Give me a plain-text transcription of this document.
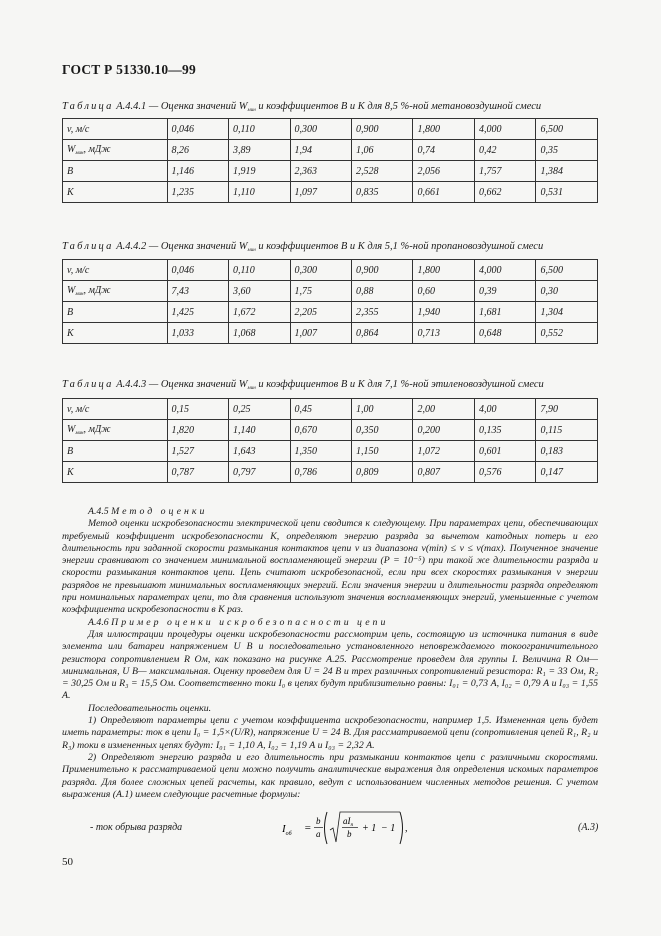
ГОСТ Р 51330.10—99
Таблица А.4.4.1 — Оценка значений $W_{мин}$ и коэффициентов B и K для 8,5 %-ной метановоздушной смеси
v, м/с	0,046	0,110	0,300	0,900	1,800	4,000	6,500
$W_{мин}$, мДж	8,26	3,89	1,94	1,06	0,74	0,42	0,35
B	1,146	1,919	2,363	2,528	2,056	1,757	1,384
K	1,235	1,110	1,097	0,835	0,661	0,662	0,531
Таблица А.4.4.2 — Оценка значений $W_{мин}$ и коэффициентов B и K для 5,1 %-ной пропановоздушной смеси
v, м/с	0,046	0,110	0,300	0,900	1,800	4,000	6,500
$W_{мин}$, мДж	7,43	3,60	1,75	0,88	0,60	0,39	0,30
B	1,425	1,672	2,205	2,355	1,940	1,681	1,304
K	1,033	1,068	1,007	0,864	0,713	0,648	0,552
Таблица А.4.4.3 — Оценка значений $W_{мин}$ и коэффициентов B и K для 7,1 %-ной этиленовоздушной смеси
v, м/с	0,15	0,25	0,45	1,00	2,00	4,00	7,90
$W_{мин}$, мДж	1,820	1,140	0,670	0,350	0,200	0,135	0,115
B	1,527	1,643	1,350	1,150	1,072	0,601	0,183
K	0,787	0,797	0,786	0,809	0,807	0,576	0,147

А.4.5 Метод оценки

Метод оценки искробезопасности электрической цепи сводится к следующему. При параметрах цепи, обеспечивающих требуемый коэффициент искробезопасности K, определяют энергию разряда за вычетом катодных потерь и его длительность при заданной скорости размыкания контактов цепи v из диапазона v(min) ≤ v ≤ v(max). Полученное значение энергии сравнивают со значением минимальной воспламеняющей энергии (P = 10⁻⁵) при такой же длительности разряда и скорости размыкания контактов цепи. Цепь считают искробезопасной, если при всех скоростях размыкания v энергии разрядов не превышают минимальных воспламеняющих энергий. Если значения энергии и длительности разряда определяют при номинальных параметрах цепи, то для сравнения используют значения воспламеняющих энергий, уменьшенные с учетом коэффициента искробезопасности в K раз.

А.4.6 Пример оценки искробезопасности цепи

Для иллюстрации процедуры оценки искробезопасности рассмотрим цепь, состоящую из источника питания в виде элемента или батареи напряжением U B и последовательно установленного неповреждаемого токоограничительного резистора сопротивлением R Ом, как показано на рисунке А.25. Рассмотрение проведем для группы I. Величина R Ом— минимальная, U B— максимальная. Оценку проведем для U = 24 В и трех различных сопротивлений резистора: R₁ = 33 Ом, R₂ = 30,25 Ом и R₃ = 15,5 Ом. Соответственно токи I₀ в цепях будут приблизительно равны: I₀₁ = 0,73 А, I₀₂ = 0,79 А и I₀₃ = 1,55 А.

Последовательность оценки.

1) Определяют параметры цепи с учетом коэффициента искробезопасности, например 1,5. Измененная цепь будет иметь параметры: ток в цепи I₀ = 1,5×(U/R), напряжение U = 24 В. Для рассматриваемой цепи (сопротивления цепей R₁, R₂ и R₃) токи в измененных цепях будут: I₀₁ = 1,10 А, I₀₂ = 1,19 А и I₀₃ = 2,32 А.

2) Определяют энергию разряда и его длительность при размыкании контактов цепи с различными скоростями. Применительно к рассматриваемой цепи можно получить аналитические выражения для определения искомых параметров разряда. Для более сложных цепей расчеты, как правило, ведут с использованием численных методов решения. С учетом выражения (А.1) имеем следующие расчетные формулы:

- ток обрыва разряда	$I_{об}$ =
b
a
$aI_п$
b + 1 − 1 ,	(А.3)
50
